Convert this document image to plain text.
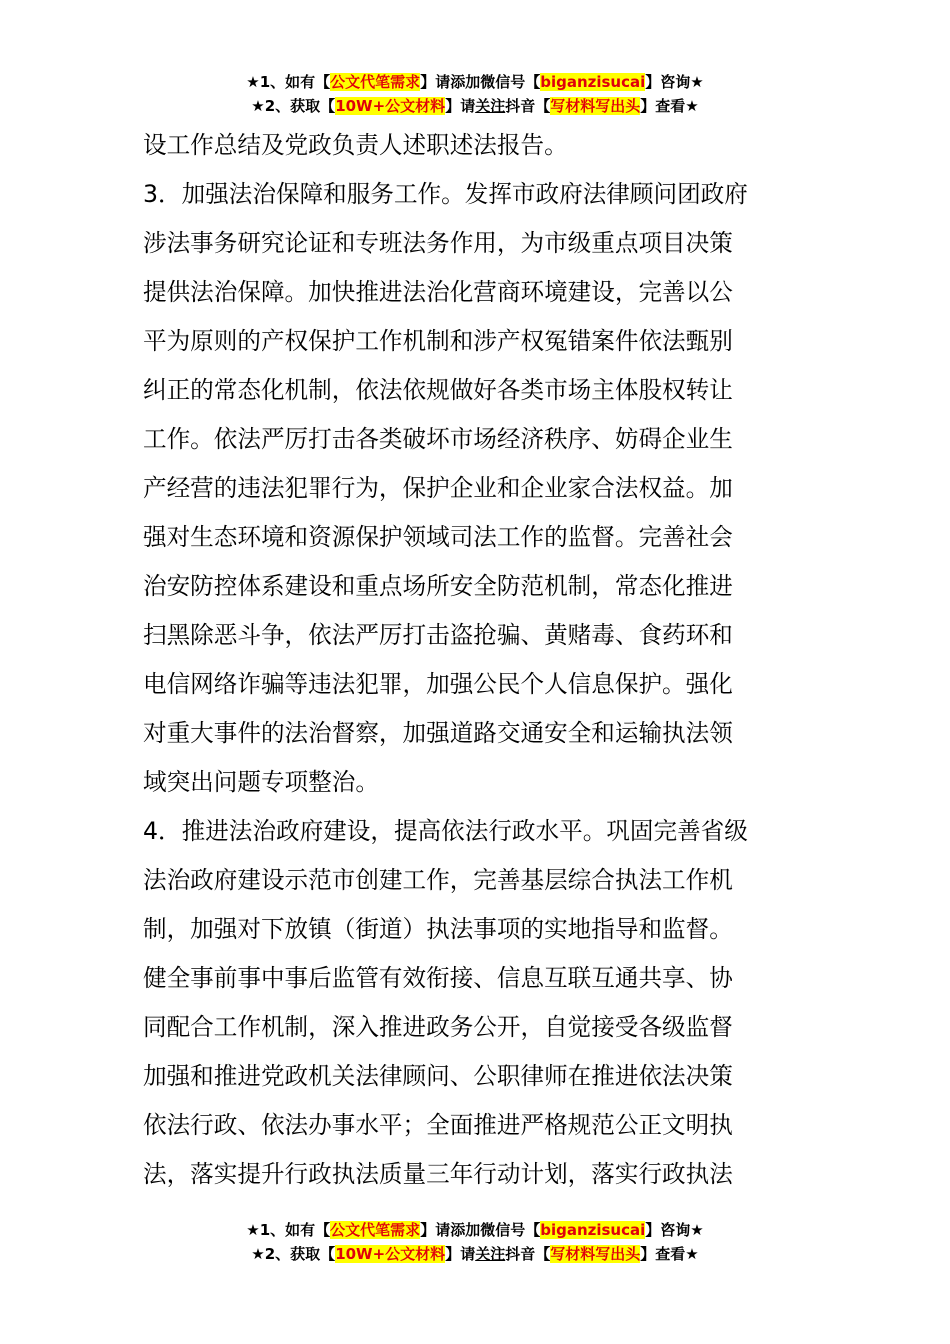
★1、如有【公文代笔需求】请添加微信号【biganzisucai】咨询★
★2、获取【10W+公文材料】请关注抖音【写材料写出头】查看★

设工作总结及党政负责人述职述法报告。

3．加强法治保障和服务工作。发挥市政府法律顾问团政府

涉法事务研究论证和专班法务作用，为市级重点项目决策

提供法治保障。加快推进法治化营商环境建设，完善以公

平为原则的产权保护工作机制和涉产权冤错案件依法甄别

纠正的常态化机制，依法依规做好各类市场主体股权转让

工作。依法严厉打击各类破坏市场经济秩序、妨碍企业生

产经营的违法犯罪行为，保护企业和企业家合法权益。加

强对生态环境和资源保护领域司法工作的监督。完善社会

治安防控体系建设和重点场所安全防范机制，常态化推进

扫黑除恶斗争，依法严厉打击盗抢骗、黄赌毒、食药环和

电信网络诈骗等违法犯罪，加强公民个人信息保护。强化

对重大事件的法治督察，加强道路交通安全和运输执法领

域突出问题专项整治。

4．推进法治政府建设，提高依法行政水平。巩固完善省级

法治政府建设示范市创建工作，完善基层综合执法工作机

制，加强对下放镇（街道）执法事项的实地指导和监督。

健全事前事中事后监管有效衔接、信息互联互通共享、协

同配合工作机制，深入推进政务公开，自觉接受各级监督

加强和推进党政机关法律顾问、公职律师在推进依法决策

依法行政、依法办事水平；全面推进严格规范公正文明执

法，落实提升行政执法质量三年行动计划，落实行政执法

★1、如有【公文代笔需求】请添加微信号【biganzisucai】咨询★
★2、获取【10W+公文材料】请关注抖音【写材料写出头】查看★
